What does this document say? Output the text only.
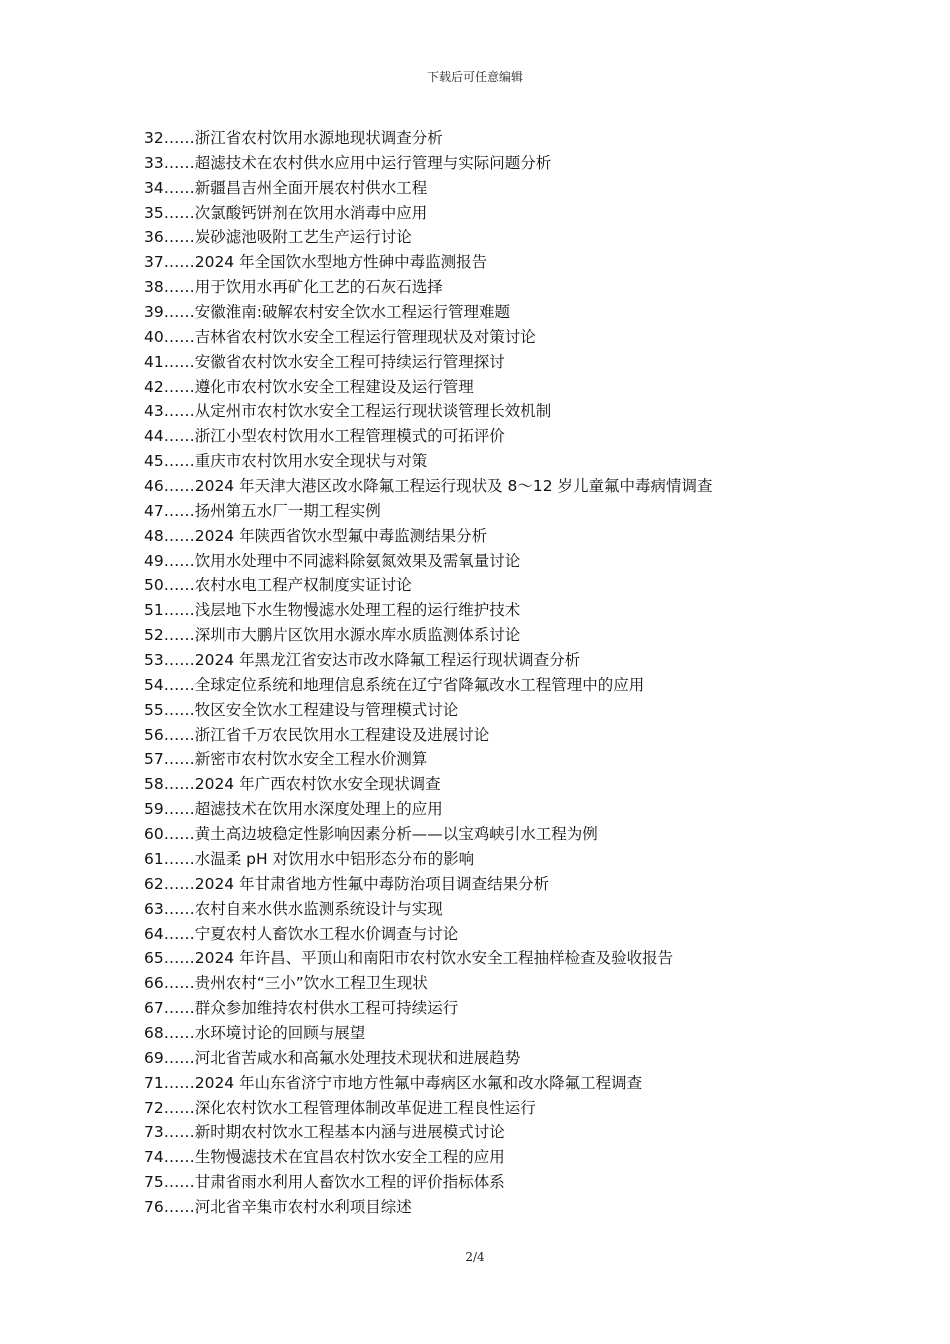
下载后可任意编辑
32……浙江省农村饮用水源地现状调查分析
33……超滤技术在农村供水应用中运行管理与实际问题分析
34……新疆昌吉州全面开展农村供水工程
35……次氯酸钙饼剂在饮用水消毒中应用
36……炭砂滤池吸附工艺生产运行讨论
37……2024 年全国饮水型地方性砷中毒监测报告
38……用于饮用水再矿化工艺的石灰石选择
39……安徽淮南:破解农村安全饮水工程运行管理难题
40……吉林省农村饮水安全工程运行管理现状及对策讨论
41……安徽省农村饮水安全工程可持续运行管理探讨
42……遵化市农村饮水安全工程建设及运行管理
43……从定州市农村饮水安全工程运行现状谈管理长效机制
44……浙江小型农村饮用水工程管理模式的可拓评价
45……重庆市农村饮用水安全现状与对策
46……2024 年天津大港区改水降氟工程运行现状及 8～12 岁儿童氟中毒病情调查
47……扬州第五水厂一期工程实例
48……2024 年陕西省饮水型氟中毒监测结果分析
49……饮用水处理中不同滤料除氨氮效果及需氧量讨论
50……农村水电工程产权制度实证讨论
51……浅层地下水生物慢滤水处理工程的运行维护技术
52……深圳市大鹏片区饮用水源水库水质监测体系讨论
53……2024 年黑龙江省安达市改水降氟工程运行现状调查分析
54……全球定位系统和地理信息系统在辽宁省降氟改水工程管理中的应用
55……牧区安全饮水工程建设与管理模式讨论
56……浙江省千万农民饮用水工程建设及进展讨论
57……新密市农村饮水安全工程水价测算
58……2024 年广西农村饮水安全现状调查
59……超滤技术在饮用水深度处理上的应用
60……黄土高边坡稳定性影响因素分析——以宝鸡峡引水工程为例
61……水温柔 pH 对饮用水中铝形态分布的影响
62……2024 年甘肃省地方性氟中毒防治项目调查结果分析
63……农村自来水供水监测系统设计与实现
64……宁夏农村人畜饮水工程水价调查与讨论
65……2024 年许昌、平顶山和南阳市农村饮水安全工程抽样检查及验收报告
66……贵州农村“三小”饮水工程卫生现状
67……群众参加维持农村供水工程可持续运行
68……水环境讨论的回顾与展望
69……河北省苦咸水和高氟水处理技术现状和进展趋势
71……2024 年山东省济宁市地方性氟中毒病区水氟和改水降氟工程调查
72……深化农村饮水工程管理体制改革促进工程良性运行
73……新时期农村饮水工程基本内涵与进展模式讨论
74……生物慢滤技术在宜昌农村饮水安全工程的应用
75……甘肃省雨水利用人畜饮水工程的评价指标体系
76……河北省辛集市农村水利项目综述
2/4
